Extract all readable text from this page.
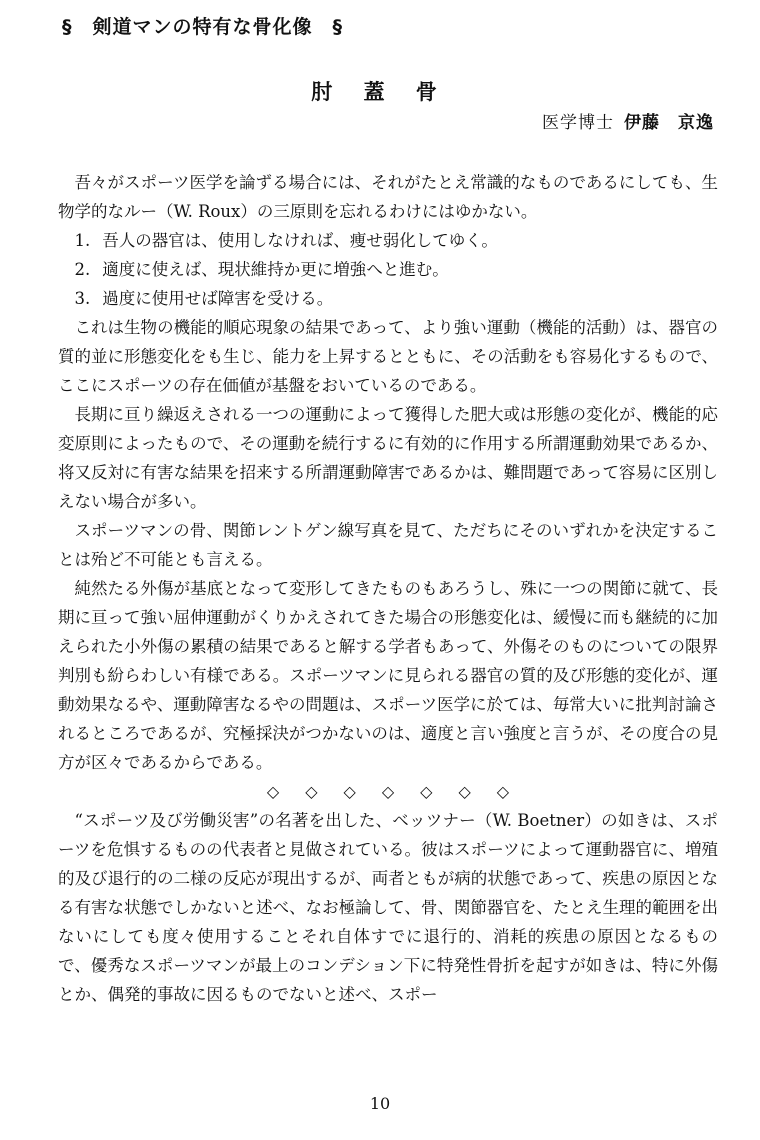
§　剣道マンの特有な骨化像　§
肘 蓋 骨
医学博士 伊藤　京逸

吾々がスポーツ医学を論ずる場合には、それがたとえ常識的なものであるにしても、生物学的なルー（W. Roux）の三原則を忘れるわけにはゆかない。

1. 吾人の器官は、使用しなければ、痩せ弱化してゆく。

2. 適度に使えば、現状維持か更に増強へと進む。

3. 過度に使用せば障害を受ける。

これは生物の機能的順応現象の結果であって、より強い運動（機能的活動）は、器官の質的並に形態変化をも生じ、能力を上昇するとともに、その活動をも容易化するもので、ここにスポーツの存在価値が基盤をおいているのである。

長期に亘り繰返えされる一つの運動によって獲得した肥大或は形態の変化が、機能的応変原則によったもので、その運動を続行するに有効的に作用する所謂運動効果であるか、将又反対に有害な結果を招来する所謂運動障害であるかは、難問題であって容易に区別しえない場合が多い。

スポーツマンの骨、関節レントゲン線写真を見て、ただちにそのいずれかを決定することは殆ど不可能とも言える。

純然たる外傷が基底となって変形してきたものもあろうし、殊に一つの関節に就て、長期に亘って強い屈伸運動がくりかえされてきた場合の形態変化は、緩慢に而も継続的に加えられた小外傷の累積の結果であると解する学者もあって、外傷そのものについての限界判別も紛らわしい有様である。スポーツマンに見られる器官の質的及び形態的変化が、運動効果なるや、運動障害なるやの問題は、スポーツ医学に於ては、毎常大いに批判討論されるところであるが、究極採決がつかないのは、適度と言い強度と言うが、その度合の見方が区々であるからである。

◇◇◇◇◇◇◇

“スポーツ及び労働災害”の名著を出した、ベッツナー（W. Boetner）の如きは、スポーツを危惧するものの代表者と見做されている。彼はスポーツによって運動器官に、増殖的及び退行的の二様の反応が現出するが、両者ともが病的状態であって、疾患の原因となる有害な状態でしかないと述べ、なお極論して、骨、関節器官を、たとえ生理的範囲を出ないにしても度々使用することそれ自体すでに退行的、消耗的疾患の原因となるもので、優秀なスポーツマンが最上のコンデション下に特発性骨折を起すが如きは、特に外傷とか、偶発的事故に因るものでないと述べ、スポー

10
